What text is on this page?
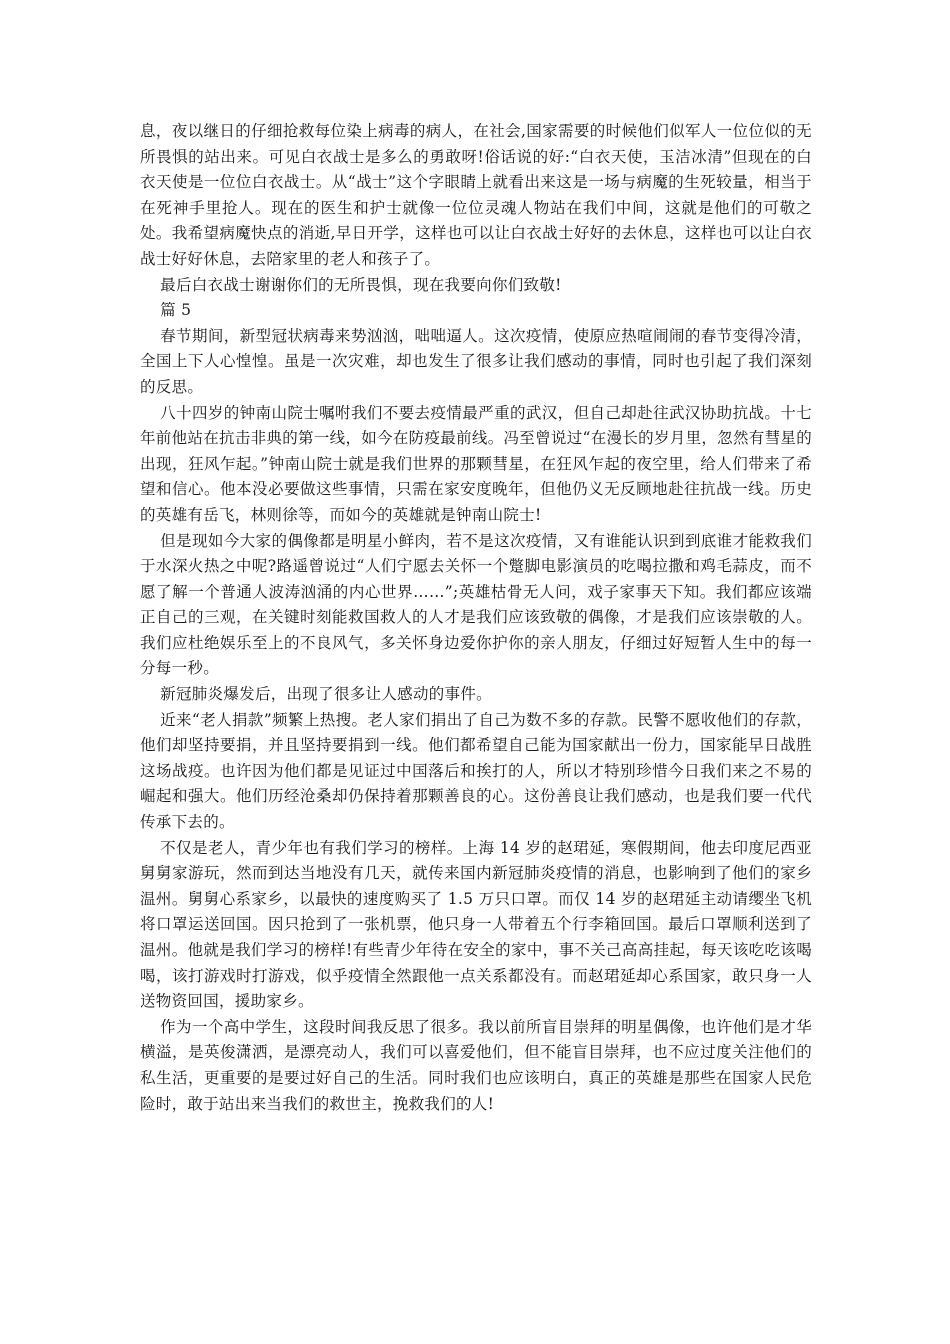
息，夜以继日的仔细抢救每位染上病毒的病人，在社会,国家需要的时候他们似军人一位位似的无所畏惧的站出来。可见白衣战士是多么的勇敢呀!俗话说的好:“白衣天使，玉洁冰清”但现在的白衣天使是一位位白衣战士。从“战士”这个字眼睛上就看出来这是一场与病魔的生死较量，相当于在死神手里抢人。现在的医生和护士就像一位位灵魂人物站在我们中间，这就是他们的可敬之处。我希望病魔快点的消逝,早日开学，这样也可以让白衣战士好好的去休息，这样也可以让白衣战士好好休息，去陪家里的老人和孩子了。

最后白衣战士谢谢你们的无所畏惧，现在我要向你们致敬!

篇 5

春节期间，新型冠状病毒来势汹汹，咄咄逼人。这次疫情，使原应热喧闹闹的春节变得冷清，全国上下人心惶惶。虽是一次灾难，却也发生了很多让我们感动的事情，同时也引起了我们深刻的反思。

八十四岁的钟南山院士嘱咐我们不要去疫情最严重的武汉，但自己却赴往武汉协助抗战。十七年前他站在抗击非典的第一线，如今在防疫最前线。冯至曾说过“在漫长的岁月里，忽然有彗星的出现，狂风乍起。”钟南山院士就是我们世界的那颗彗星，在狂风乍起的夜空里，给人们带来了希望和信心。他本没必要做这些事情，只需在家安度晚年，但他仍义无反顾地赴往抗战一线。历史的英雄有岳飞，林则徐等，而如今的英雄就是钟南山院士!

但是现如今大家的偶像都是明星小鲜肉，若不是这次疫情，又有谁能认识到到底谁才能救我们于水深火热之中呢?路遥曾说过“人们宁愿去关怀一个蹩脚电影演员的吃喝拉撒和鸡毛蒜皮，而不愿了解一个普通人波涛汹涌的内心世界……”;英雄枯骨无人问，戏子家事天下知。我们都应该端正自己的三观，在关键时刻能救国救人的人才是我们应该致敬的偶像，才是我们应该崇敬的人。我们应杜绝娱乐至上的不良风气，多关怀身边爱你护你的亲人朋友，仔细过好短暂人生中的每一分每一秒。

新冠肺炎爆发后，出现了很多让人感动的事件。

近来“老人捐款”频繁上热搜。老人家们捐出了自己为数不多的存款。民警不愿收他们的存款，他们却坚持要捐，并且坚持要捐到一线。他们都希望自己能为国家献出一份力，国家能早日战胜这场战疫。也许因为他们都是见证过中国落后和挨打的人，所以才特别珍惜今日我们来之不易的崛起和强大。他们历经沧桑却仍保持着那颗善良的心。这份善良让我们感动，也是我们要一代代传承下去的。

不仅是老人，青少年也有我们学习的榜样。上海 14 岁的赵珺延，寒假期间，他去印度尼西亚舅舅家游玩，然而到达当地没有几天，就传来国内新冠肺炎疫情的消息，也影响到了他们的家乡温州。舅舅心系家乡，以最快的速度购买了 1.5 万只口罩。而仅 14 岁的赵珺延主动请缨坐飞机将口罩运送回国。因只抢到了一张机票，他只身一人带着五个行李箱回国。最后口罩顺利送到了温州。他就是我们学习的榜样!有些青少年待在安全的家中，事不关己高高挂起，每天该吃吃该喝喝，该打游戏时打游戏，似乎疫情全然跟他一点关系都没有。而赵珺延却心系国家，敢只身一人送物资回国，援助家乡。

作为一个高中学生，这段时间我反思了很多。我以前所盲目崇拜的明星偶像，也许他们是才华横溢，是英俊潇洒，是漂亮动人，我们可以喜爱他们，但不能盲目崇拜，也不应过度关注他们的私生活，更重要的是要过好自己的生活。同时我们也应该明白，真正的英雄是那些在国家人民危险时，敢于站出来当我们的救世主，挽救我们的人!
